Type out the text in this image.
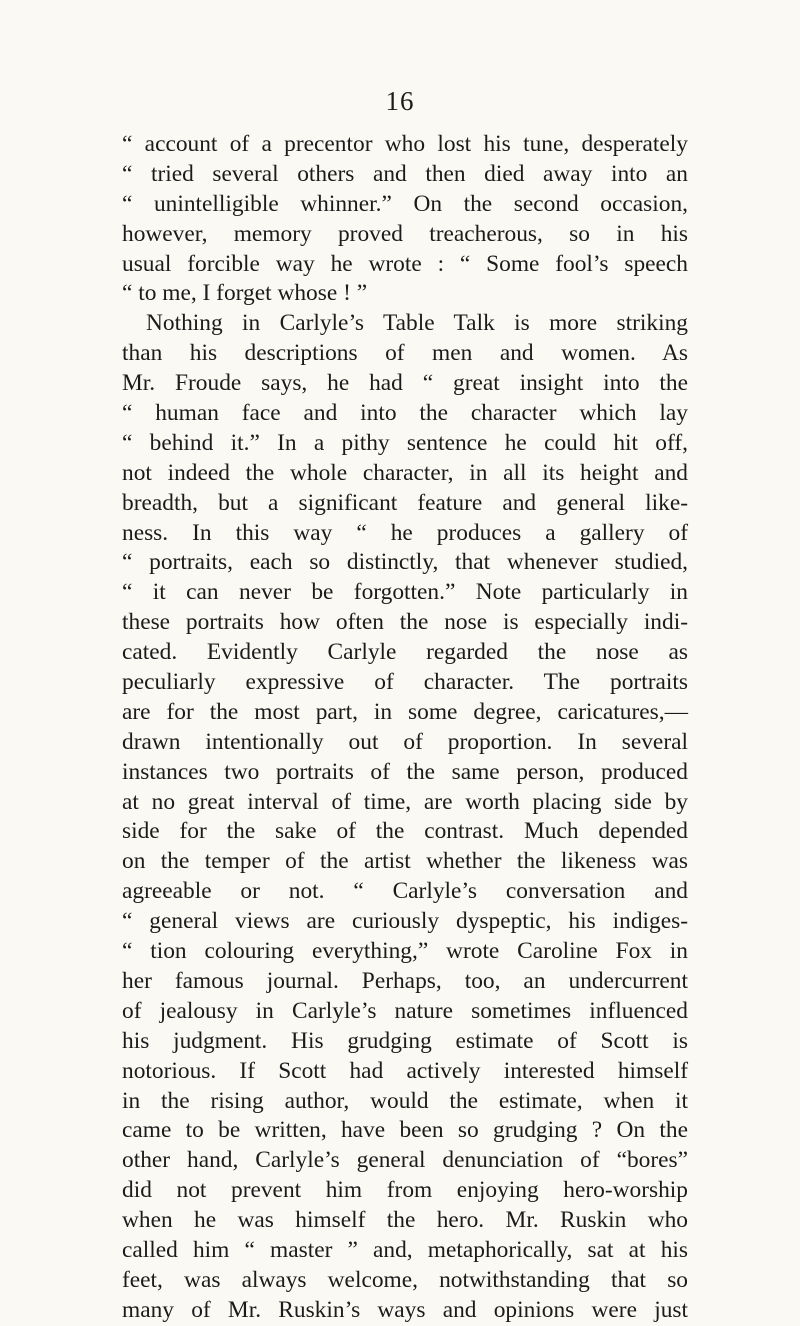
16
“ account of a precentor who lost his tune, desperately
“ tried several others and then died away into an
“ unintelligible whinner.” On the second occasion,
however, memory proved treacherous, so in his
usual forcible way he wrote : “ Some fool’s speech
“ to me, I forget whose ! ”
Nothing in Carlyle’s Table Talk is more striking
than his descriptions of men and women. As
Mr. Froude says, he had “ great insight into the
“ human face and into the character which lay
“ behind it.” In a pithy sentence he could hit off,
not indeed the whole character, in all its height and
breadth, but a significant feature and general like-
ness. In this way “ he produces a gallery of
“ portraits, each so distinctly, that whenever studied,
“ it can never be forgotten.” Note particularly in
these portraits how often the nose is especially indi-
cated. Evidently Carlyle regarded the nose as
peculiarly expressive of character. The portraits
are for the most part, in some degree, caricatures,—
drawn intentionally out of proportion. In several
instances two portraits of the same person, produced
at no great interval of time, are worth placing side by
side for the sake of the contrast. Much depended
on the temper of the artist whether the likeness was
agreeable or not. “ Carlyle’s conversation and
“ general views are curiously dyspeptic, his indiges-
“ tion colouring everything,” wrote Caroline Fox in
her famous journal. Perhaps, too, an undercurrent
of jealousy in Carlyle’s nature sometimes influenced
his judgment. His grudging estimate of Scott is
notorious. If Scott had actively interested himself
in the rising author, would the estimate, when it
came to be written, have been so grudging ? On the
other hand, Carlyle’s general denunciation of “bores”
did not prevent him from enjoying hero-worship
when he was himself the hero. Mr. Ruskin who
called him “ master ” and, metaphorically, sat at his
feet, was always welcome, notwithstanding that so
many of Mr. Ruskin’s ways and opinions were just
